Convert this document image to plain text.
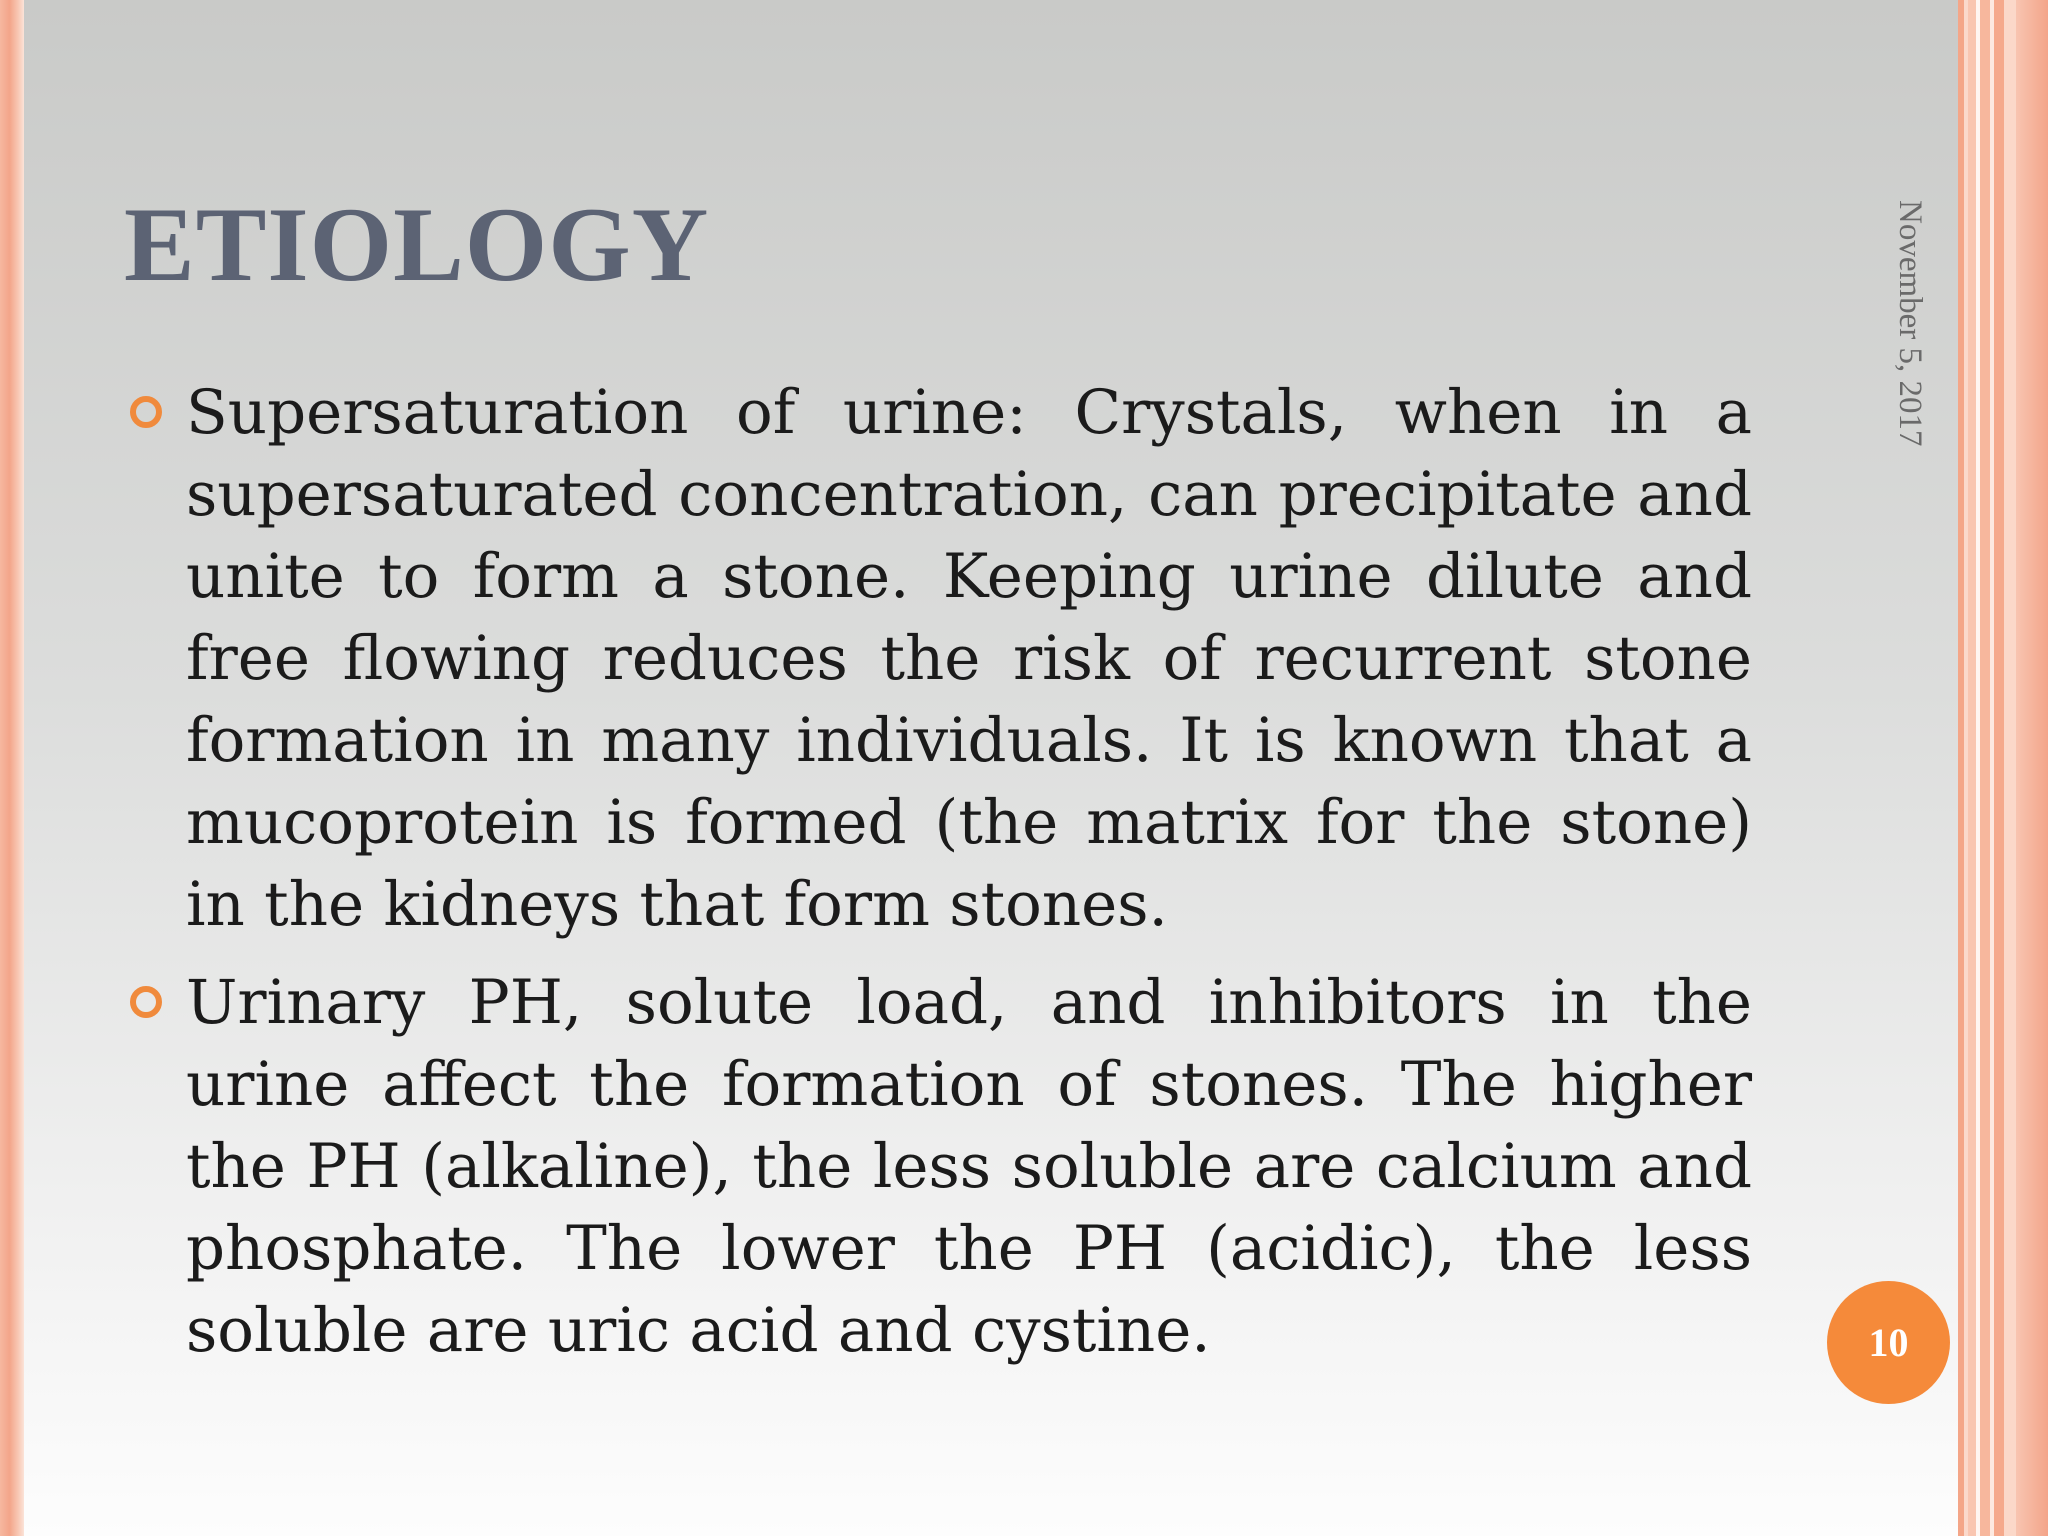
ETIOLOGY	November 5, 2017
Supersaturation of urine: Crystals, when in a supersaturated concentration, can precipitate and unite to form a stone. Keeping urine dilute and free flowing reduces the risk of recurrent stone formation in many individuals. It is known that a mucoprotein is formed (the matrix for the stone) in the kidneys that form stones.
Urinary PH, solute load, and inhibitors in the urine affect the formation of stones. The higher the PH (alkaline), the less soluble are calcium and phosphate. The lower the PH (acidic), the less soluble are uric acid and cystine.	10
